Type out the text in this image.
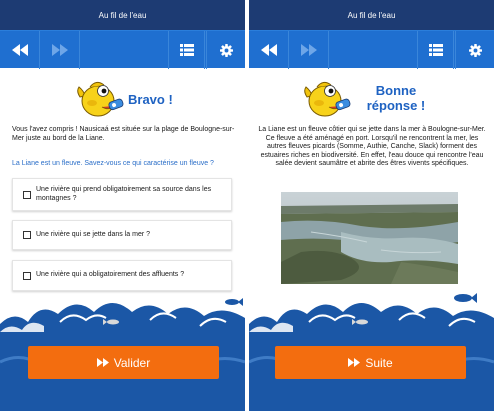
Au fil de l'eau
Bravo !
Vous l'avez compris ! Nausicaá est située sur la plage de Boulogne-sur-Mer juste au bord de la Liane.
La Liane est un fleuve. Savez-vous ce qui caractérise un fleuve ?
Une rivière qui prend obligatoirement sa source dans les montagnes ?
Une rivière qui se jette dans la mer ?
Une rivière qui a obligatoirement des affluents ?
Valider
Au fil de l'eau
Bonne
réponse !
La Liane est un fleuve côtier qui se jette dans la mer à Boulogne-sur-Mer. Ce fleuve a été aménagé en port. Lorsqu'il ne rencontrent la mer, les autres fleuves picards (Somme, Authie, Canche, Slack) forment des estuaires riches en biodiversité. En effet, l'eau douce qui rencontre l'eau salée devient saumâtre et abrite des êtres vivents spécifiques.
Suite
